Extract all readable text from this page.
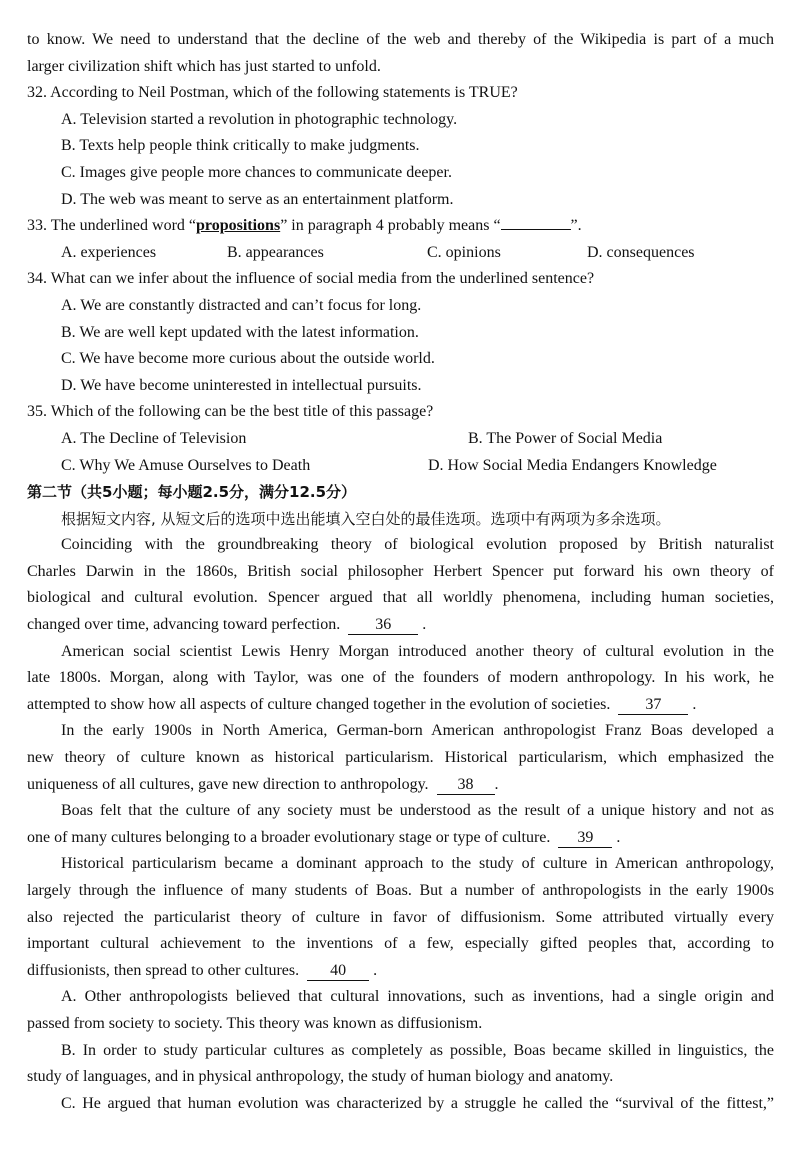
to know. We need to understand that the decline of the web and thereby of the Wikipedia is part of a much
larger civilization shift which has just started to unfold.
32. According to Neil Postman, which of the following statements is TRUE?
A. Television started a revolution in photographic technology.
B. Texts help people think critically to make judgments.
C. Images give people more chances to communicate deeper.
D. The web was meant to serve as an entertainment platform.
33. The underlined word “propositions” in paragraph 4 probably means “	”.
A. experiences	B. appearances	C. opinions	D. consequences
34. What can we infer about the influence of social media from the underlined sentence?
A. We are constantly distracted and can’t focus for long.
B. We are well kept updated with the latest information.
C. We have become more curious about the outside world.
D. We have become uninterested in intellectual pursuits.
35. Which of the following can be the best title of this passage?
A. The Decline of Television	B. The Power of Social Media
C. Why We Amuse Ourselves to Death	D. How Social Media Endangers Knowledge
第二节（共5小题；每小题2.5分，满分12.5分）
根据短文内容, 从短文后的选项中选出能填入空白处的最佳选项。选项中有两项为多余选项。
Coinciding with the groundbreaking theory of biological evolution proposed by British naturalist
Charles Darwin in the 1860s, British social philosopher Herbert Spencer put forward his own theory of
biological and cultural evolution. Spencer argued that all worldly phenomena, including human societies,
changed over time, advancing toward perfection. 36 .
American social scientist Lewis Henry Morgan introduced another theory of cultural evolution in the
late 1800s. Morgan, along with Taylor, was one of the founders of modern anthropology. In his work, he
attempted to show how all aspects of culture changed together in the evolution of societies. 37 .
In the early 1900s in North America, German-born American anthropologist Franz Boas developed a
new theory of culture known as historical particularism. Historical particularism, which emphasized the
uniqueness of all cultures, gave new direction to anthropology. 38 .
Boas felt that the culture of any society must be understood as the result of a unique history and not as
one of many cultures belonging to a broader evolutionary stage or type of culture. 39 .
Historical particularism became a dominant approach to the study of culture in American anthropology,
largely through the influence of many students of Boas. But a number of anthropologists in the early 1900s
also rejected the particularist theory of culture in favor of diffusionism. Some attributed virtually every
important cultural achievement to the inventions of a few, especially gifted peoples that, according to
diffusionists, then spread to other cultures. 40 .
A. Other anthropologists believed that cultural innovations, such as inventions, had a single origin and
passed from society to society. This theory was known as diffusionism.
B. In order to study particular cultures as completely as possible, Boas became skilled in linguistics, the
study of languages, and in physical anthropology, the study of human biology and anatomy.
C. He argued that human evolution was characterized by a struggle he called the “survival of the fittest,”
